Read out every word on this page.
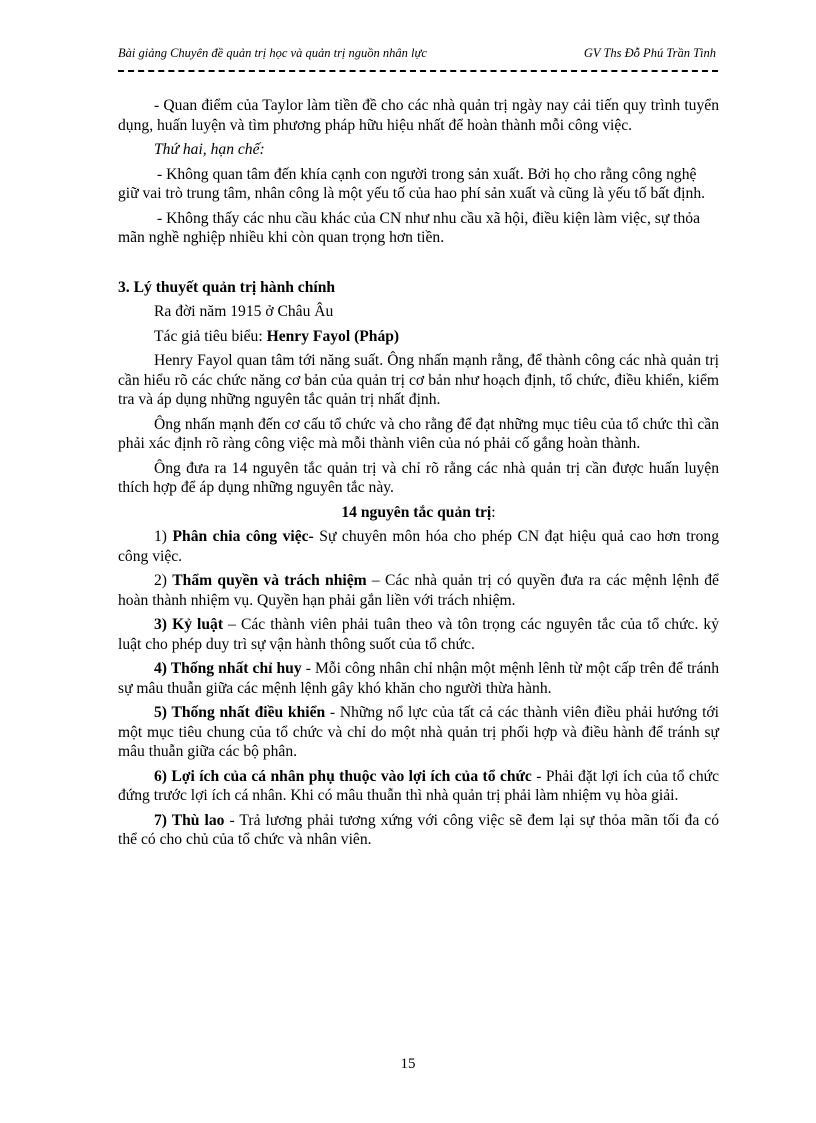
Bài giảng Chuyên đề quản trị học và quản trị nguồn nhân lực	GV Ths Đỗ Phú Trần Tình

- Quan điểm của Taylor làm tiền đề cho các nhà quản trị ngày nay cải tiến quy trình tuyển dụng, huấn luyện và tìm phương pháp hữu hiệu nhất để hoàn thành mỗi công việc.

Thứ hai, hạn chế:

- Không quan tâm đến khía cạnh con người trong sản xuất. Bởi họ cho rằng công nghệ giữ vai trò trung tâm, nhân công là một yếu tố của hao phí sản xuất và cũng là yếu tố bất định.

- Không thấy các nhu cầu khác của CN như nhu cầu xã hội, điều kiện làm việc, sự thỏa mãn nghề nghiệp nhiều khi còn quan trọng hơn tiền.

3. Lý thuyết quản trị hành chính

Ra đời năm 1915 ở Châu Âu

Tác giả tiêu biểu: Henry Fayol (Pháp)

Henry Fayol quan tâm tới năng suất. Ông nhấn mạnh rằng, để thành công các nhà quản trị cần hiểu rõ các chức năng cơ bản của quản trị cơ bản như hoạch định, tổ chức, điều khiển, kiểm tra và áp dụng những nguyên tắc quản trị nhất định.

Ông nhấn mạnh đến cơ cấu tổ chức và cho rằng để đạt những mục tiêu của tổ chức thì cần phải xác định rõ ràng công việc mà mỗi thành viên của nó phải cố gắng hoàn thành.

Ông đưa ra 14 nguyên tắc quản trị và chỉ rõ rằng các nhà quản trị cần được huấn luyện thích hợp để áp dụng những nguyên tắc này.

14 nguyên tắc quản trị:

1) Phân chia công việc- Sự chuyên môn hóa cho phép CN đạt hiệu quả cao hơn trong công việc.

2) Thẩm quyền và trách nhiệm – Các nhà quản trị có quyền đưa ra các mệnh lệnh để hoàn thành nhiệm vụ. Quyền hạn phải gắn liền với trách nhiệm.

3) Kỷ luật – Các thành viên phải tuân theo và tôn trọng các nguyên tắc của tổ chức. kỷ luật cho phép duy trì sự vận hành thông suốt của tổ chức.

4) Thống nhất chỉ huy - Mỗi công nhân chỉ nhận một mệnh lênh từ một cấp trên để tránh sự mâu thuẫn giữa các mệnh lệnh gây khó khăn cho người thừa hành.

5) Thống nhất điều khiển - Những nổ lực của tất cả các thành viên điều phải hướng tới một mục tiêu chung của tổ chức và chỉ do một nhà quản trị phối hợp và điều hành để tránh sự mâu thuẫn giữa các bộ phân.

6) Lợi ích của cá nhân phụ thuộc vào lợi ích của tổ chức - Phải đặt lợi ích của tổ chức đứng trước lợi ích cá nhân. Khi có mâu thuẫn thì nhà quản trị phải làm nhiệm vụ hòa giải.

7) Thù lao - Trả lương phải tương xứng với công việc sẽ đem lại sự thỏa mãn tối đa có thể có cho chủ của tổ chức và nhân viên.

15
